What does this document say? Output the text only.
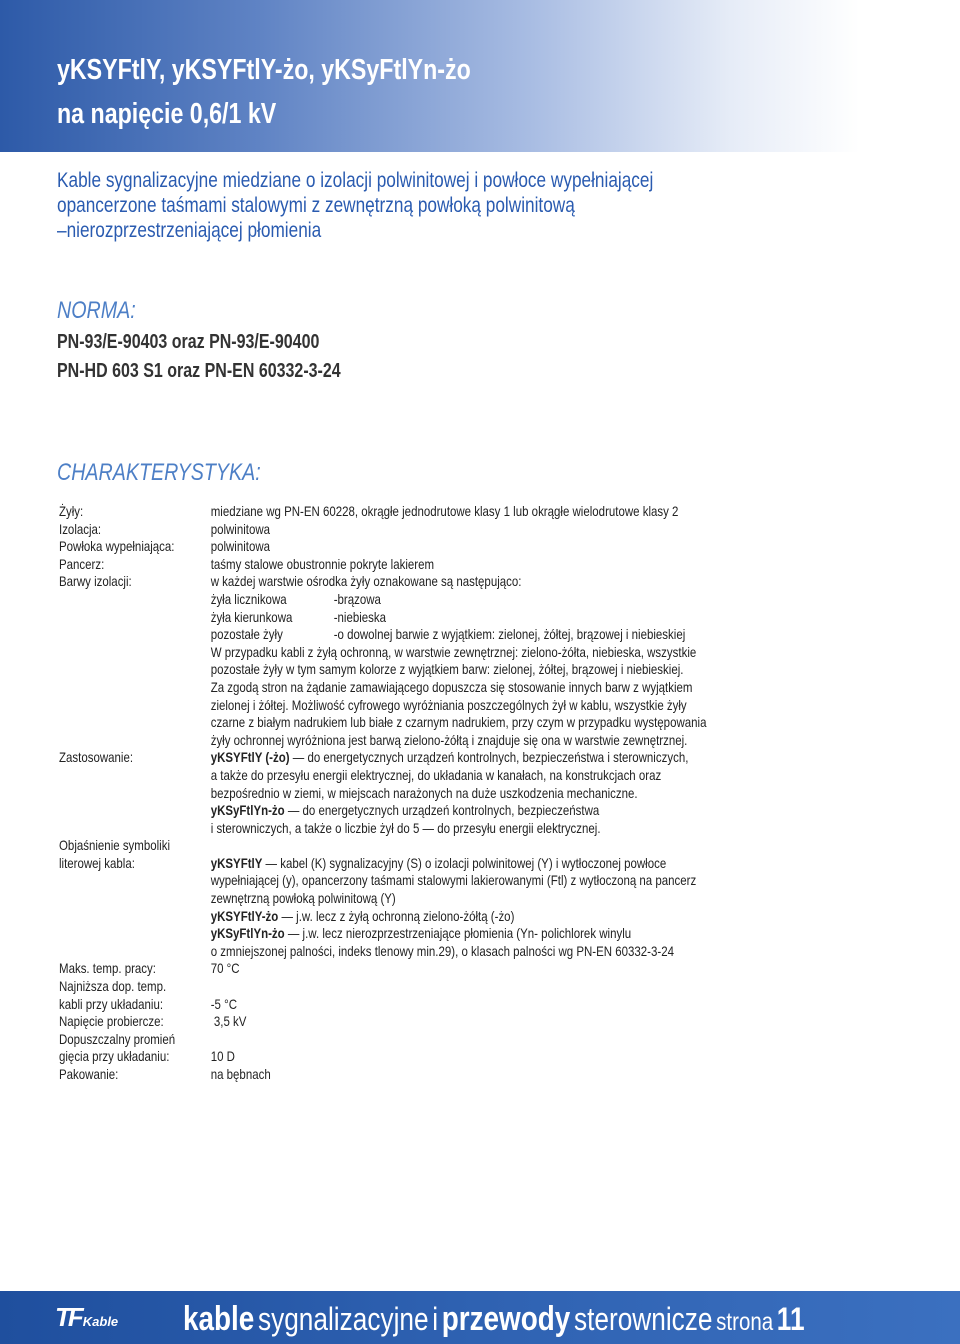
yKSYFtlY, yKSYFtlY-żo, yKSyFtlYn-żo
na napięcie 0,6/1 kV
Kable sygnalizacyjne miedziane o izolacji polwinitowej i powłoce wypełniającej
opancerzone taśmami stalowymi z zewnętrzną powłoką polwinitową
–nierozprzestrzeniającej płomienia
NORMA:
PN-93/E-90403 oraz PN-93/E-90400
PN-HD 603 S1 oraz PN-EN 60332-3-24
CHARAKTERYSTYKA:
Żyły:	miedziane wg PN-EN 60228, okrągłe jednodrutowe klasy 1 lub okrągłe wielodrutowe klasy 2
Izolacja:	polwinitowa
Powłoka wypełniająca:	polwinitowa
Pancerz:	taśmy stalowe obustronnie pokryte lakierem
Barwy izolacji:	w każdej warstwie ośrodka żyły oznakowane są następująco:
żyła licznikowa	-brązowa
żyła kierunkowa	-niebieska
pozostałe żyły	-o dowolnej barwie z wyjątkiem: zielonej, żółtej, brązowej i niebieskiej
W przypadku kabli z żyłą ochronną, w warstwie zewnętrznej: zielono-żółta, niebieska, wszystkie
pozostałe żyły w tym samym kolorze z wyjątkiem barw: zielonej, żółtej, brązowej i niebieskiej.
Za zgodą stron na żądanie zamawiającego dopuszcza się stosowanie innych barw z wyjątkiem
zielonej i żółtej. Możliwość cyfrowego wyróżniania poszczególnych żył w kablu, wszystkie żyły
czarne z białym nadrukiem lub białe z czarnym nadrukiem, przy czym w przypadku występowania
żyły ochronnej wyróżniona jest barwą zielono-żółtą i znajduje się ona w warstwie zewnętrznej.
Zastosowanie:	yKSYFtlY (-żo) — do energetycznych urządzeń kontrolnych, bezpieczeństwa i sterowniczych,
a także do przesyłu energii elektrycznej, do układania w kanałach, na konstrukcjach oraz
bezpośrednio w ziemi, w miejscach narażonych na duże uszkodzenia mechaniczne.
yKSyFtlYn-żo — do energetycznych urządzeń kontrolnych, bezpieczeństwa
i sterowniczych, a także o liczbie żył do 5 — do przesyłu energii elektrycznej.
Objaśnienie symboliki
literowej kabla:	yKSYFtlY — kabel (K) sygnalizacyjny (S) o izolacji polwinitowej (Y) i wytłoczonej powłoce
wypełniającej (y), opancerzony taśmami stalowymi lakierowanymi (Ftl) z wytłoczoną na pancerz
zewnętrzną powłoką polwinitową (Y)
yKSYFtlY-żo — j.w. lecz z żyłą ochronną zielono-żółtą (-żo)
yKSyFtlYn-żo — j.w. lecz nierozprzestrzeniające płomienia (Yn- polichlorek winylu
o zmniejszonej palności, indeks tlenowy min.29), o klasach palności wg PN-EN 60332-3-24
Maks. temp. pracy:	70 °C
Najniższa dop. temp.
kabli przy układaniu:	-5 °C
Napięcie probiercze:	3,5 kV
Dopuszczalny promień
gięcia przy układaniu:	10 D
Pakowanie:	na bębnach
TF Kable kable sygnalizacyjne i przewody sterownicze strona 11
